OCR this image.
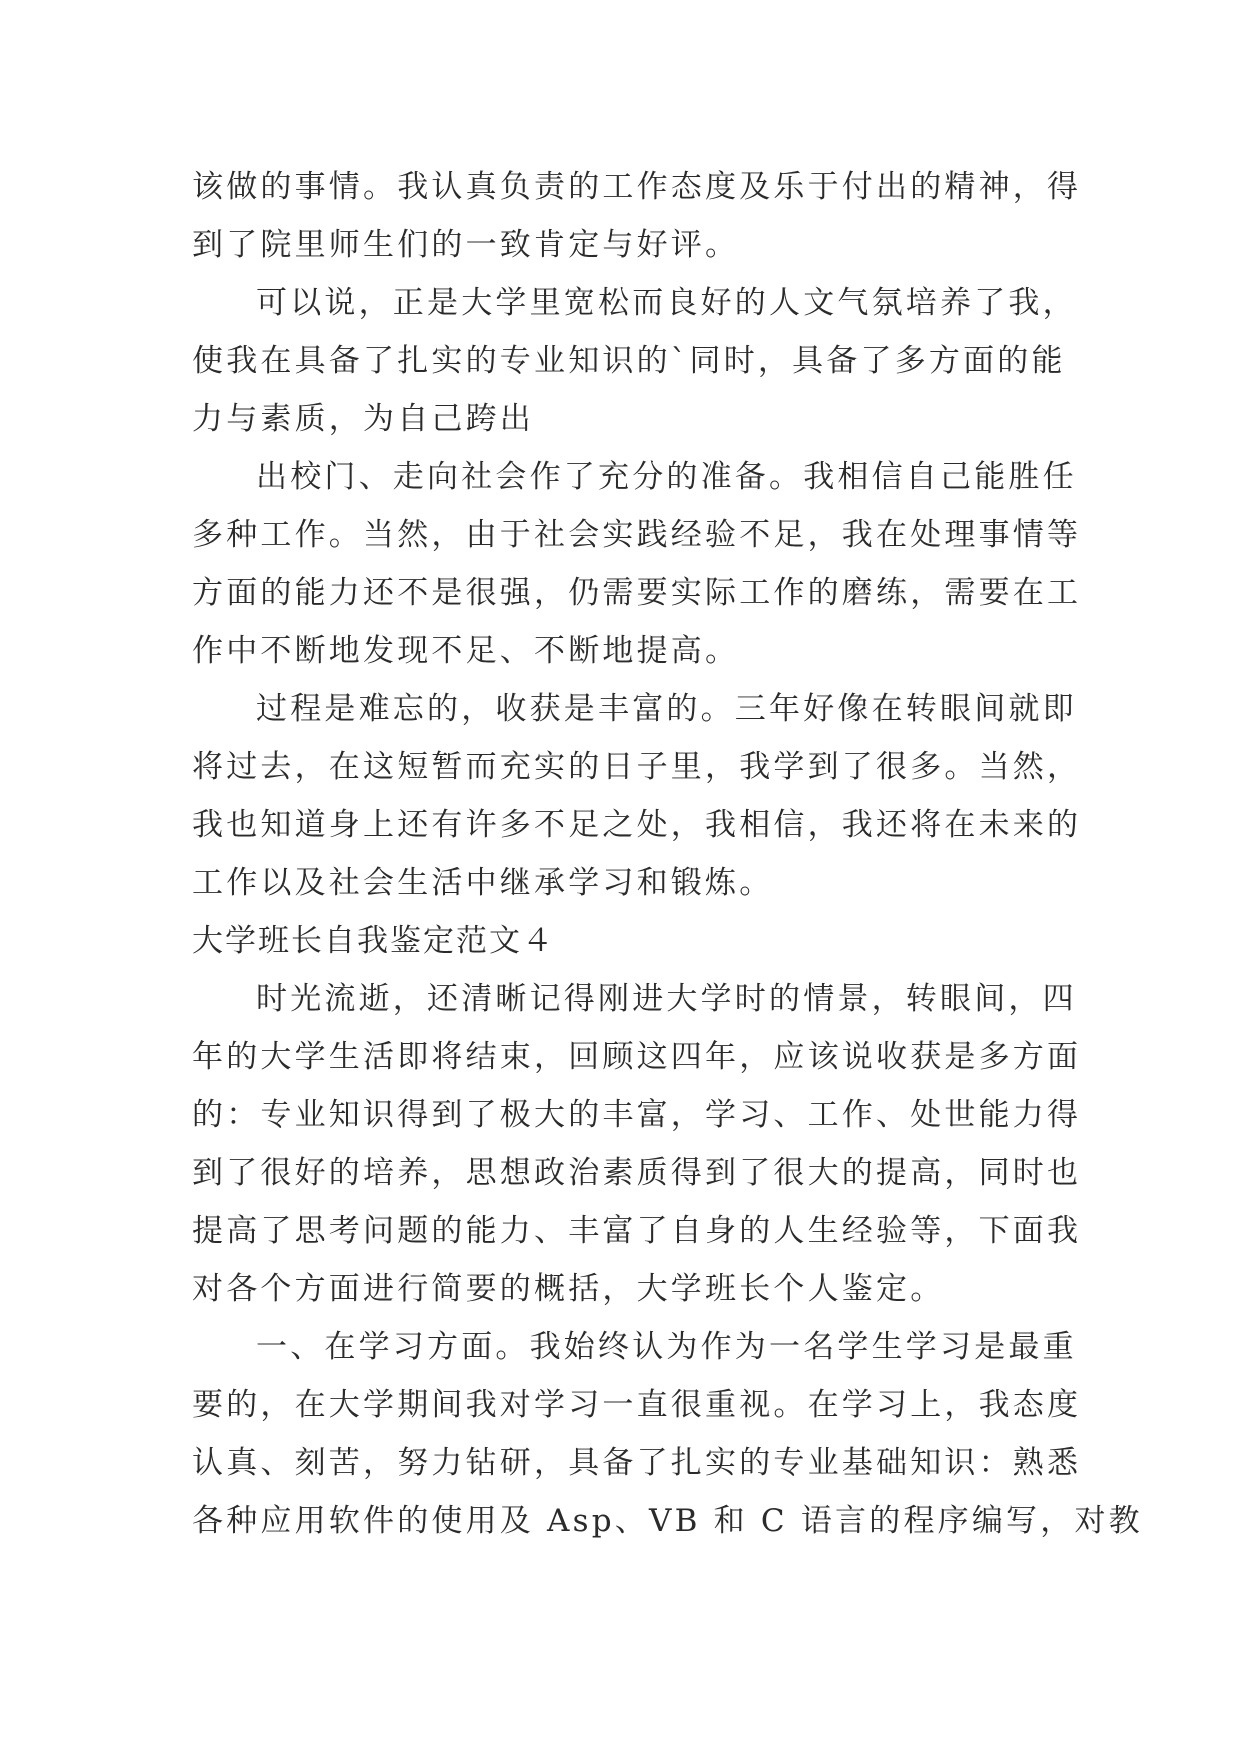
该做的事情。我认真负责的工作态度及乐于付出的精神，得
到了院里师生们的一致肯定与好评。

可以说，正是大学里宽松而良好的人文气氛培养了我，
使我在具备了扎实的专业知识的`同时，具备了多方面的能
力与素质，为自己跨出

出校门、走向社会作了充分的准备。我相信自己能胜任
多种工作。当然，由于社会实践经验不足，我在处理事情等
方面的能力还不是很强，仍需要实际工作的磨练，需要在工
作中不断地发现不足、不断地提高。

过程是难忘的，收获是丰富的。三年好像在转眼间就即
将过去，在这短暂而充实的日子里，我学到了很多。当然，
我也知道身上还有许多不足之处，我相信，我还将在未来的
工作以及社会生活中继承学习和锻炼。

大学班长自我鉴定范文４

时光流逝，还清晰记得刚进大学时的情景，转眼间，四
年的大学生活即将结束，回顾这四年，应该说收获是多方面
的：专业知识得到了极大的丰富，学习、工作、处世能力得
到了很好的培养，思想政治素质得到了很大的提高，同时也
提高了思考问题的能力、丰富了自身的人生经验等，下面我
对各个方面进行简要的概括，大学班长个人鉴定。

一、在学习方面。我始终认为作为一名学生学习是最重
要的，在大学期间我对学习一直很重视。在学习上，我态度
认真、刻苦，努力钻研，具备了扎实的专业基础知识：熟悉
各种应用软件的使用及 Asp、VB 和 C 语言的程序编写，对教
